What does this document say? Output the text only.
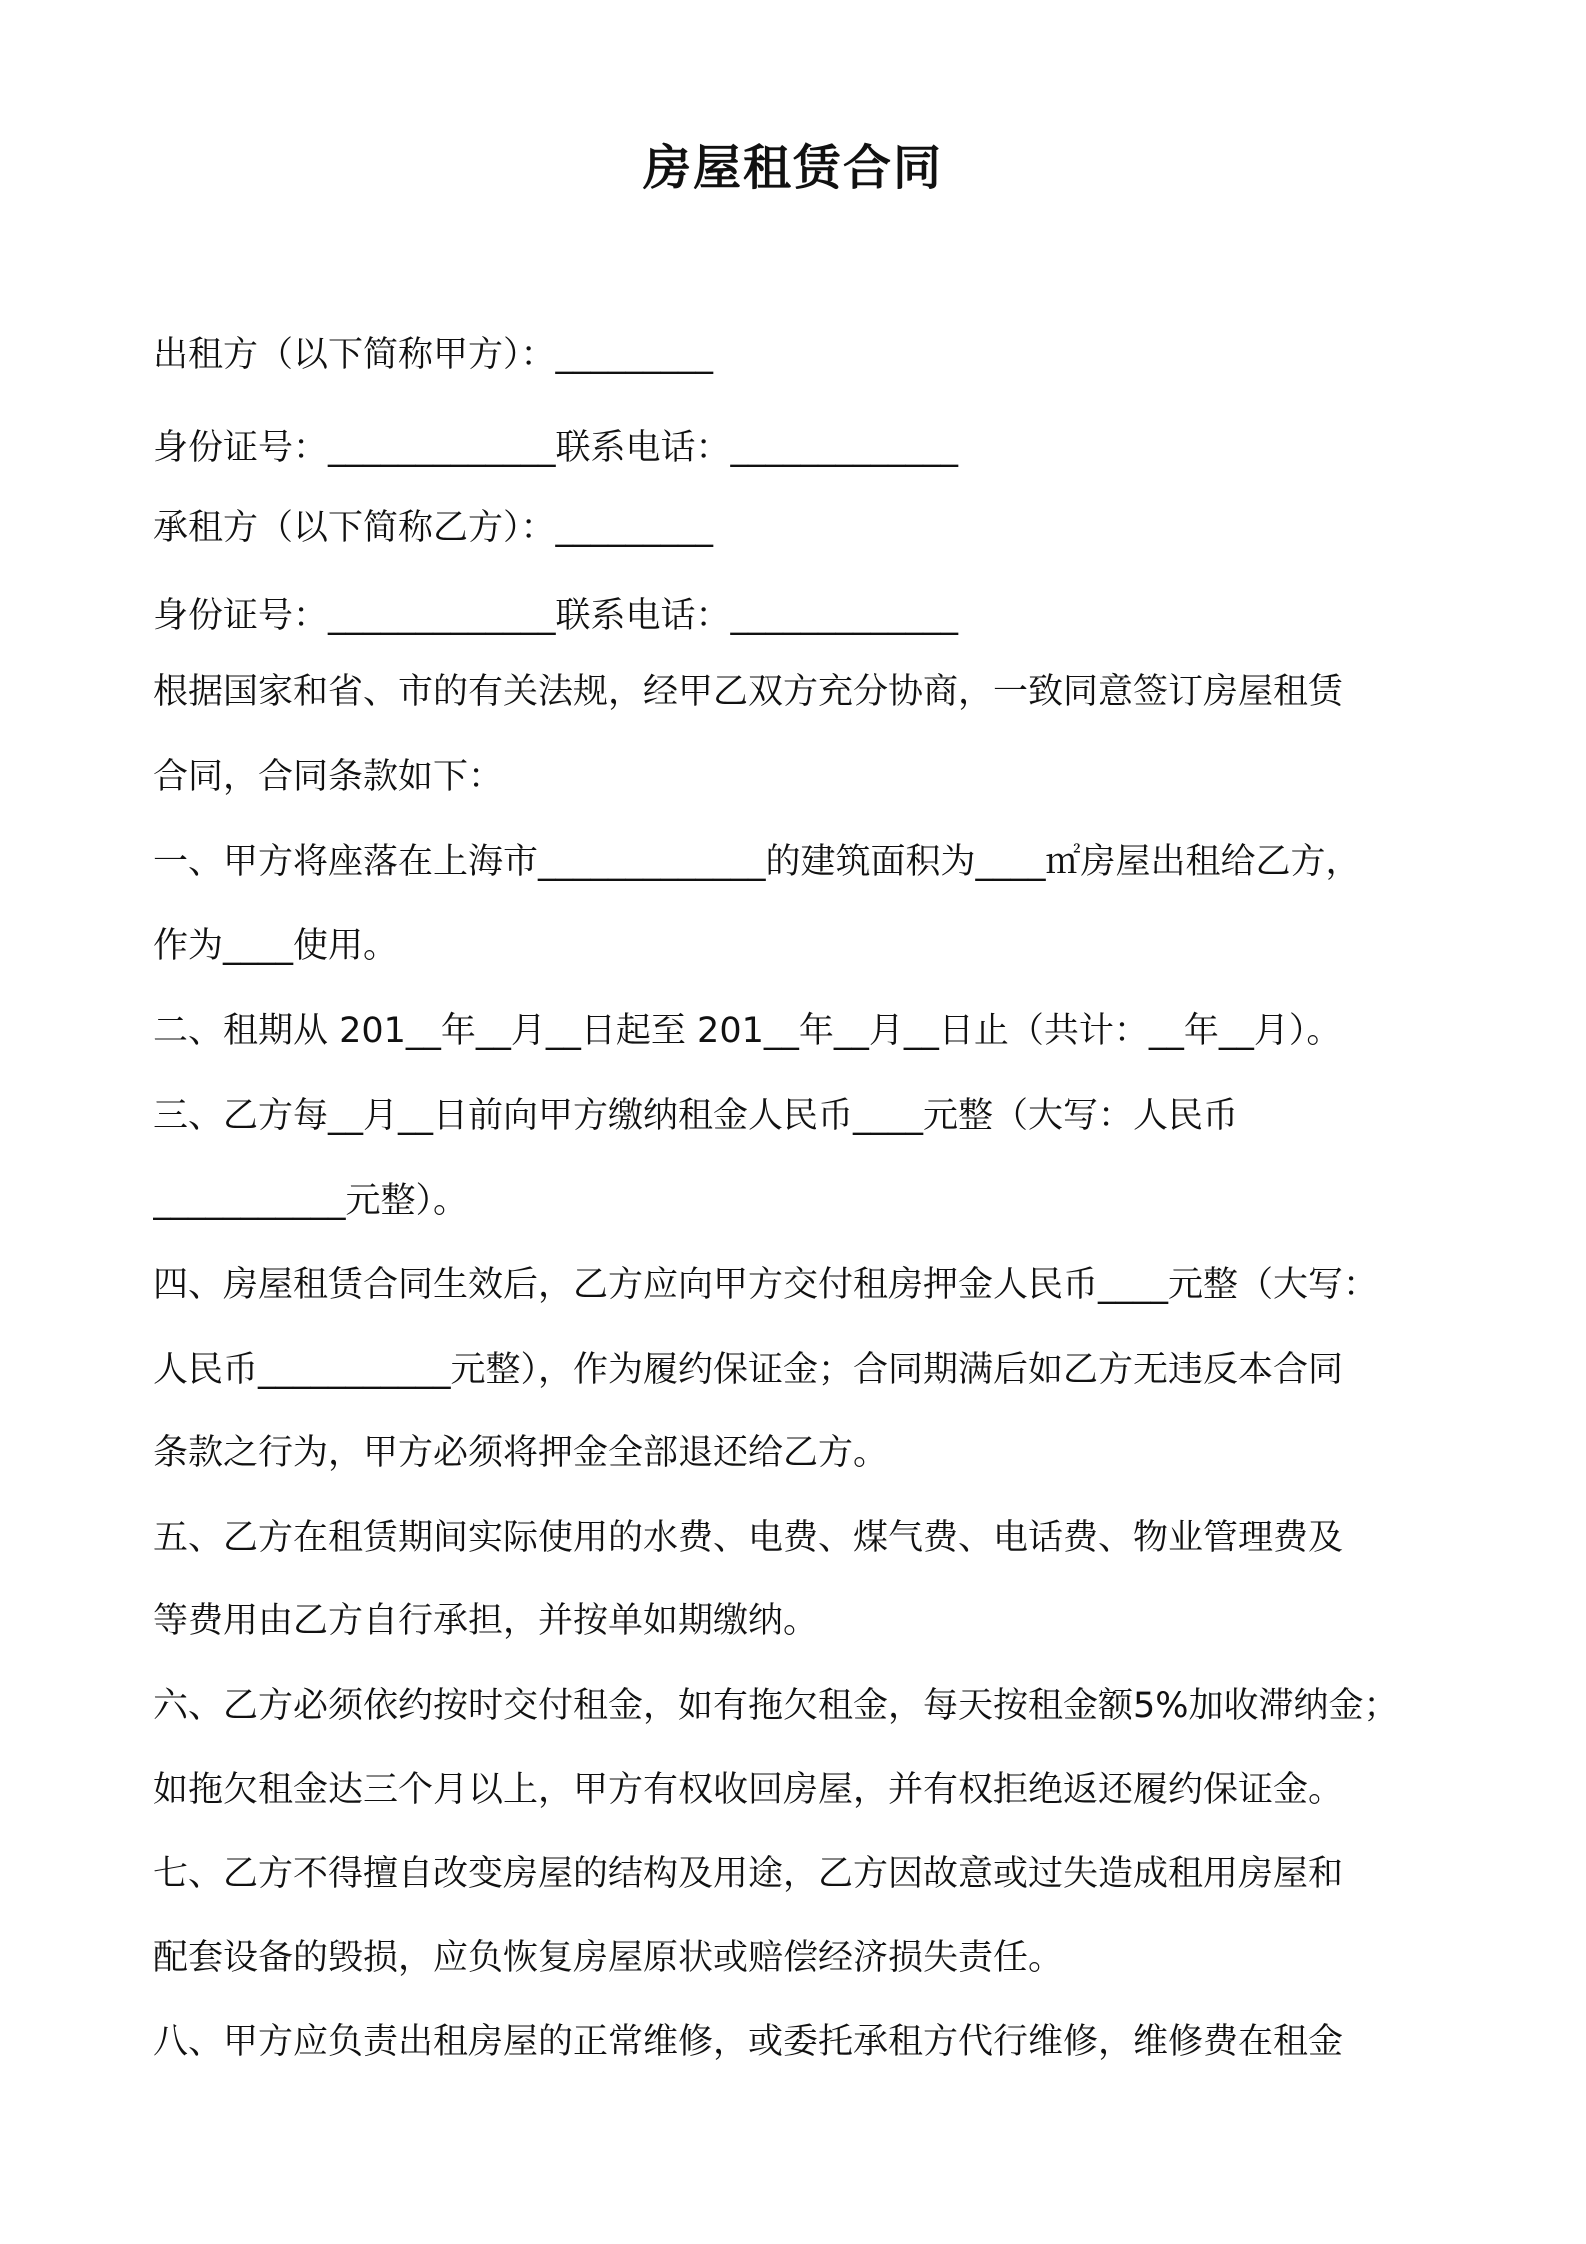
房屋租赁合同
出租方（以下简称甲方）：_________
身份证号：_____________联系电话：_____________
承租方（以下简称乙方）：_________
身份证号：_____________联系电话：_____________
根据国家和省、市的有关法规，经甲乙双方充分协商，一致同意签订房屋租赁
合同，合同条款如下：
一、甲方将座落在上海市_____________的建筑面积为____㎡房屋出租给乙方，
作为____使用。
二、租期从 201__年__月__日起至 201__年__月__日止（共计：__年__月）。
三、乙方每__月__日前向甲方缴纳租金人民币____元整（大写：人民币
___________元整）。
四、房屋租赁合同生效后，乙方应向甲方交付租房押金人民币____元整（大写：
人民币___________元整），作为履约保证金；合同期满后如乙方无违反本合同
条款之行为，甲方必须将押金全部退还给乙方。
五、乙方在租赁期间实际使用的水费、电费、煤气费、电话费、物业管理费及
等费用由乙方自行承担，并按单如期缴纳。
六、乙方必须依约按时交付租金，如有拖欠租金，每天按租金额5%加收滞纳金；
如拖欠租金达三个月以上，甲方有权收回房屋，并有权拒绝返还履约保证金。
七、乙方不得擅自改变房屋的结构及用途，乙方因故意或过失造成租用房屋和
配套设备的毁损，应负恢复房屋原状或赔偿经济损失责任。
八、甲方应负责出租房屋的正常维修，或委托承租方代行维修，维修费在租金
